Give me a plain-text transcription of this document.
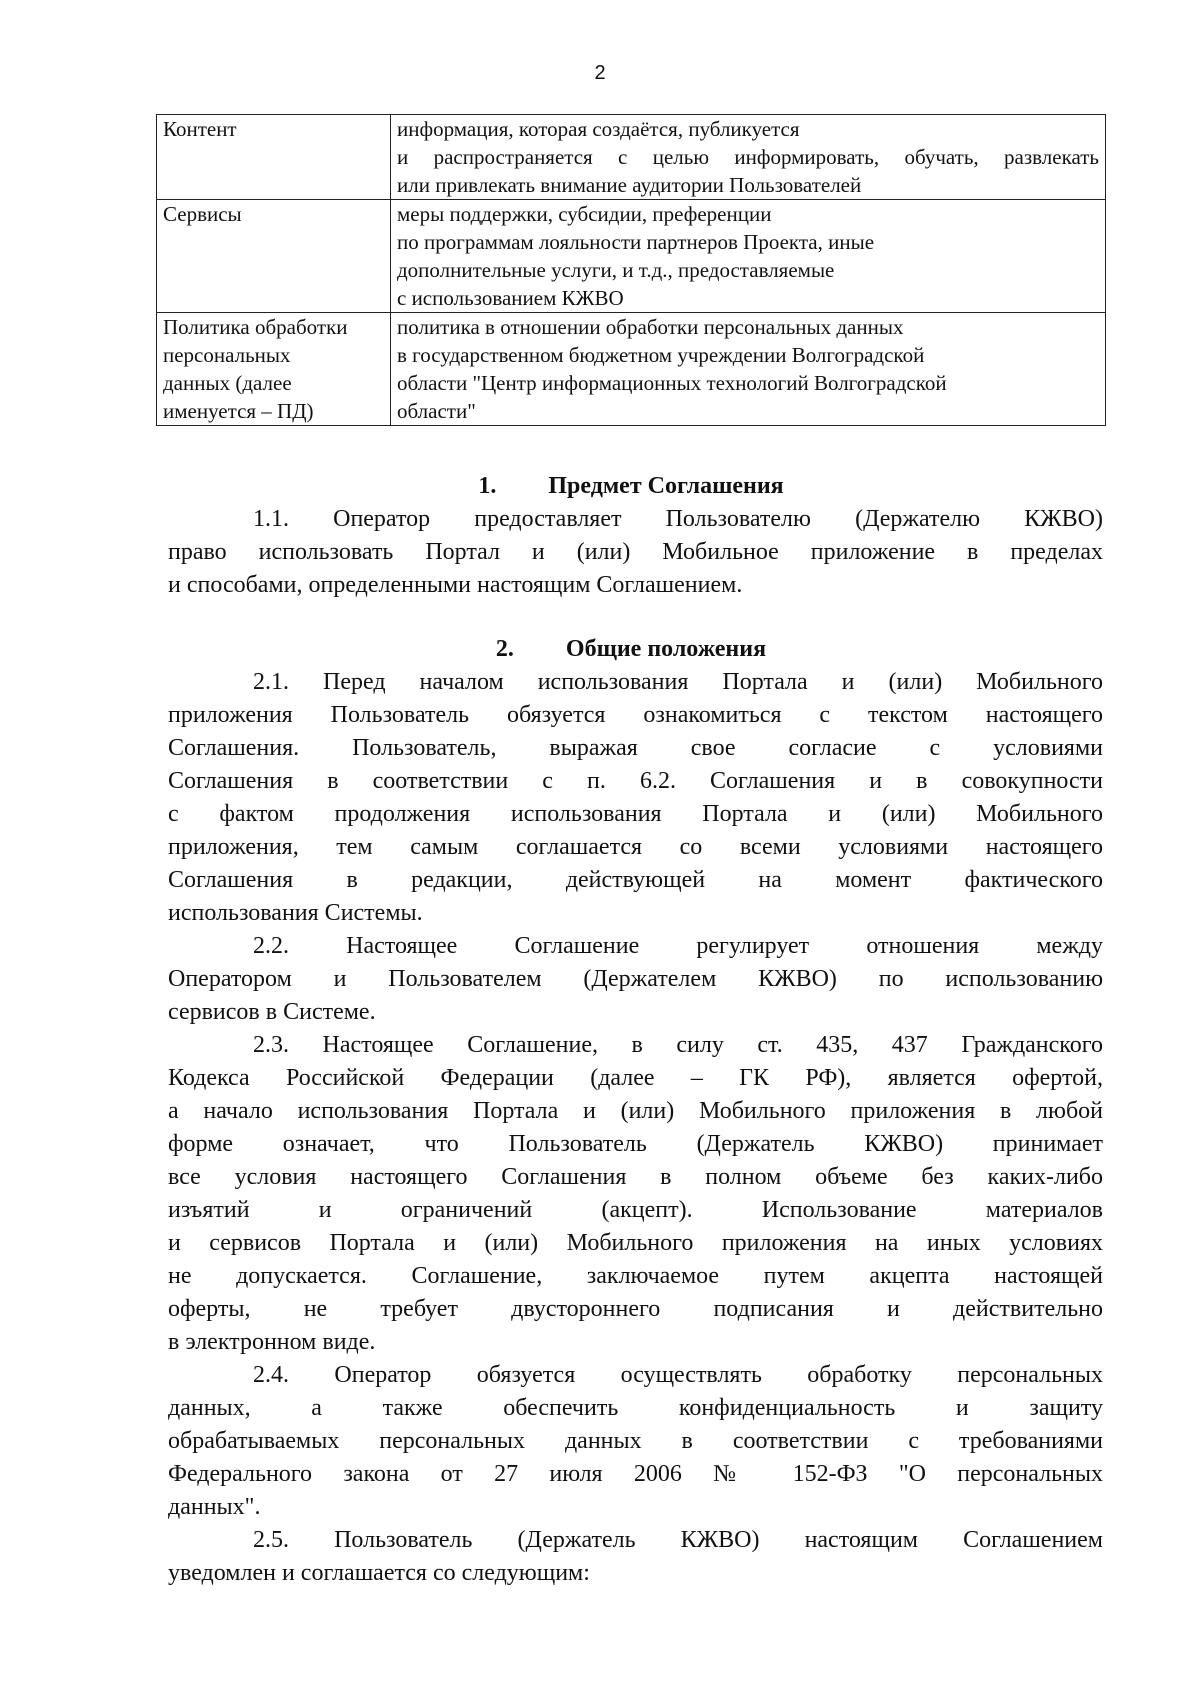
2
Контент	информация, которая создаётся, публикуется
и распространяется с целью информировать, обучать, развлекать
или привлекать внимание аудитории Пользователей

Сервисы	меры поддержки, субсидии, преференции
по программам лояльности партнеров Проекта, иные
дополнительные услуги, и т.д., предоставляемые
с использованием КЖВО

Политика обработки
персональных
данных (далее
именуется – ПД)	политика в отношении обработки персональных данных
в государственном бюджетном учреждении Волгоградской
области "Центр информационных технологий Волгоградской
области"
1. Предмет Соглашения
1.1. Оператор предоставляет Пользователю (Держателю КЖВО)
право использовать Портал и (или) Мобильное приложение в пределах
и способами, определенными настоящим Соглашением.
2. Общие положения
2.1. Перед началом использования Портала и (или) Мобильного
приложения Пользователь обязуется ознакомиться с текстом настоящего
Соглашения. Пользователь, выражая свое согласие с условиями
Соглашения в соответствии с п. 6.2. Соглашения и в совокупности
с фактом продолжения использования Портала и (или) Мобильного
приложения, тем самым соглашается со всеми условиями настоящего
Соглашения в редакции, действующей на момент фактического
использования Системы.
2.2. Настоящее Соглашение регулирует отношения между
Оператором и Пользователем (Держателем КЖВО) по использованию
сервисов в Системе.
2.3. Настоящее Соглашение, в силу ст. 435, 437 Гражданского
Кодекса Российской Федерации (далее – ГК РФ), является офертой,
а начало использования Портала и (или) Мобильного приложения в любой
форме означает, что Пользователь (Держатель КЖВО) принимает
все условия настоящего Соглашения в полном объеме без каких-либо
изъятий и ограничений (акцепт). Использование материалов
и сервисов Портала и (или) Мобильного приложения на иных условиях
не допускается. Соглашение, заключаемое путем акцепта настоящей
оферты, не требует двустороннего подписания и действительно
в электронном виде.
2.4. Оператор обязуется осуществлять обработку персональных
данных, а также обеспечить конфиденциальность и защиту
обрабатываемых персональных данных в соответствии с требованиями
Федерального закона от 27 июля 2006 № 152-ФЗ "О персональных
данных".
2.5. Пользователь (Держатель КЖВО) настоящим Соглашением
уведомлен и соглашается со следующим:
